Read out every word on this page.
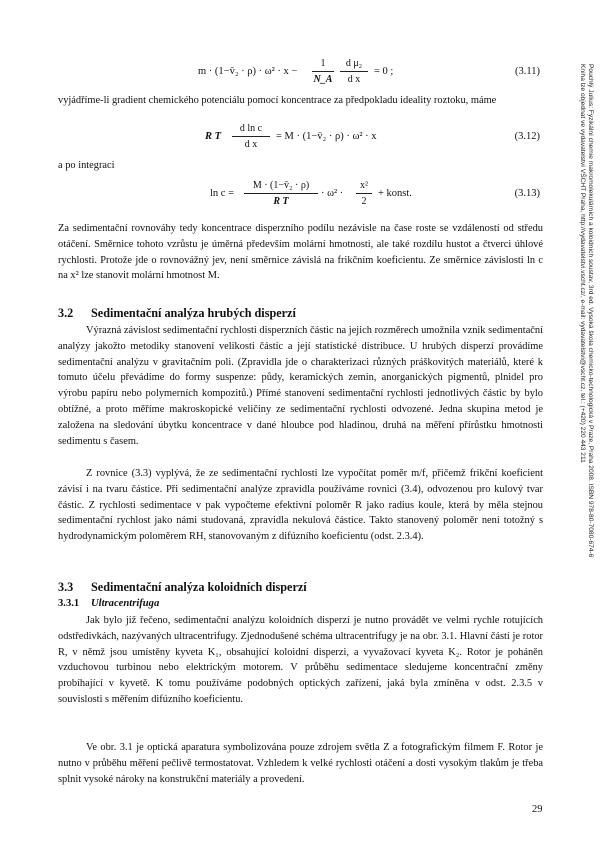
m · (1−v̄₂ · ρ) · ω² · x −
1
N_A
d μ₂
d x
= 0 ;	(3.11)
vyjádříme-li gradient chemického potenciálu pomocí koncentrace za předpokladu ideality roztoku, máme
R T
d ln c
d x
= M · (1−v̄₂ · ρ) · ω² · x	(3.12)
a po integraci
ln c =
M · (1−v̄₂ · ρ)
R T
· ω² ·
x²
2
+ konst.	(3.13)
Za sedimentační rovnováhy tedy koncentrace disperzního podílu nezávisle na čase roste se vzdáleností od středu otáčení. Směrnice tohoto vzrůstu je úměrná především molární hmotnosti, ale také rozdílu hustot a čtverci úhlové rychlosti. Protože jde o rovnovážný jev, není směrnice závislá na frikčním koeficientu. Ze směrnice závislosti ln c na x² lze stanovit molární hmotnost M.
3.2 Sedimentační analýza hrubých disperzí
Výrazná závislost sedimentační rychlosti disperzních částic na jejich rozměrech umožnila vznik sedimentační analýzy jakožto metodiky stanovení velikosti částic a její statistické distribuce. U hrubých disperzí provádíme sedimentační analýzu v gravitačním poli. (Zpravidla jde o charakterizaci různých práškovitých materiálů, které k tomuto účelu převádíme do formy suspenze: půdy, keramických zemin, anorganických pigmentů, plnidel pro výrobu papíru nebo polymerních kompozitů.) Přímé stanovení sedimentační rychlosti jednotlivých částic by bylo obtížné, a proto měříme makroskopické veličiny ze sedimentační rychlosti odvozené. Jedna skupina metod je založena na sledování úbytku koncentrace v dané hloubce pod hladinou, druhá na měření přírůstku hmotnosti sedimentu s časem.
Z rovnice (3.3) vyplývá, že ze sedimentační rychlosti lze vypočítat poměr m/f, přičemž frikční koeficient závisí i na tvaru částice. Při sedimentační analýze zpravidla používáme rovnici (3.4), odvozenou pro kulový tvar částic. Z rychlosti sedimentace v pak vypočteme efektivní poloměr R jako radius koule, která by měla stejnou sedimentační rychlost jako námi studovaná, zpravidla nekulová částice. Takto stanovený poloměr není totožný s hydrodynamickým poloměrem RH, stanovovaným z difúzního koeficientu (odst. 2.3.4).
3.3 Sedimentační analýza koloidních disperzí
3.3.1 Ultracentrifuga
Jak bylo již řečeno, sedimentační analýzu koloidních disperzí je nutno provádět ve velmi rychle rotujících odstředivkách, nazývaných ultracentrifugy. Zjednodušené schéma ultracentrifugy je na obr. 3.1. Hlavní částí je rotor R, v němž jsou umístěny kyveta K₁, obsahující koloidní disperzi, a vyvažovací kyveta K₂. Rotor je poháněn vzduchovou turbinou nebo elektrickým motorem. V průběhu sedimentace sledujeme koncentrační změny probíhající v kyvetě. K tomu používáme podobných optických zařízení, jaká byla zmíněna v odst. 2.3.5 v souvislosti s měřením difúzního koeficientu.
Ve obr. 3.1 je optická aparatura symbolizována pouze zdrojem světla Z a fotografickým filmem F. Rotor je nutno v průběhu měření pečlivě termostatovat. Vzhledem k velké rychlosti otáčení a dosti vysokým tlakům je třeba splnit vysoké nároky na konstrukční materiály a provedení.
Pouchlý Julius: Fyzikální chemie makromolekulárních a koloidních soustav, 3rd ed. Vysoká škola chemicko-technologická v Praze, Praha 2008. ISBN 978-80-7080-674-6
Kniha lze objednat ve vydavatelství VŠCHT Praha, http://vydavatelstvi.vscht.cz/, e-mail: vydavatelstvi@vscht.cz, tel.: (+420) 220 443 211
29
